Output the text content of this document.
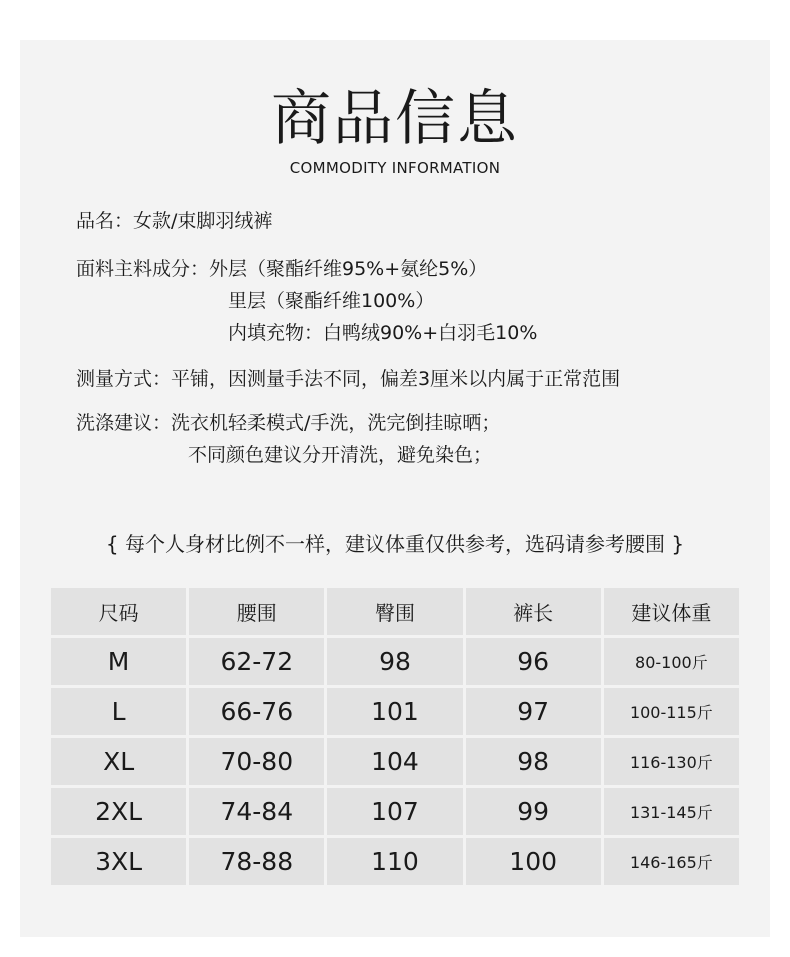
商品信息
COMMODITY INFORMATION
品名：女款/束脚羽绒裤
面料主料成分：外层（聚酯纤维95%+氨纶5%）
里层（聚酯纤维100%）
内填充物：白鸭绒90%+白羽毛10%
测量方式：平铺，因测量手法不同，偏差3厘米以内属于正常范围
洗涤建议：洗衣机轻柔模式/手洗，洗完倒挂晾晒；
不同颜色建议分开清洗，避免染色；
{ 每个人身材比例不一样，建议体重仅供参考，选码请参考腰围 }
尺码	腰围	臀围	裤长	建议体重
M	62-72	98	96	80-100斤
L	66-76	101	97	100-115斤
XL	70-80	104	98	116-130斤
2XL	74-84	107	99	131-145斤
3XL	78-88	110	100	146-165斤
